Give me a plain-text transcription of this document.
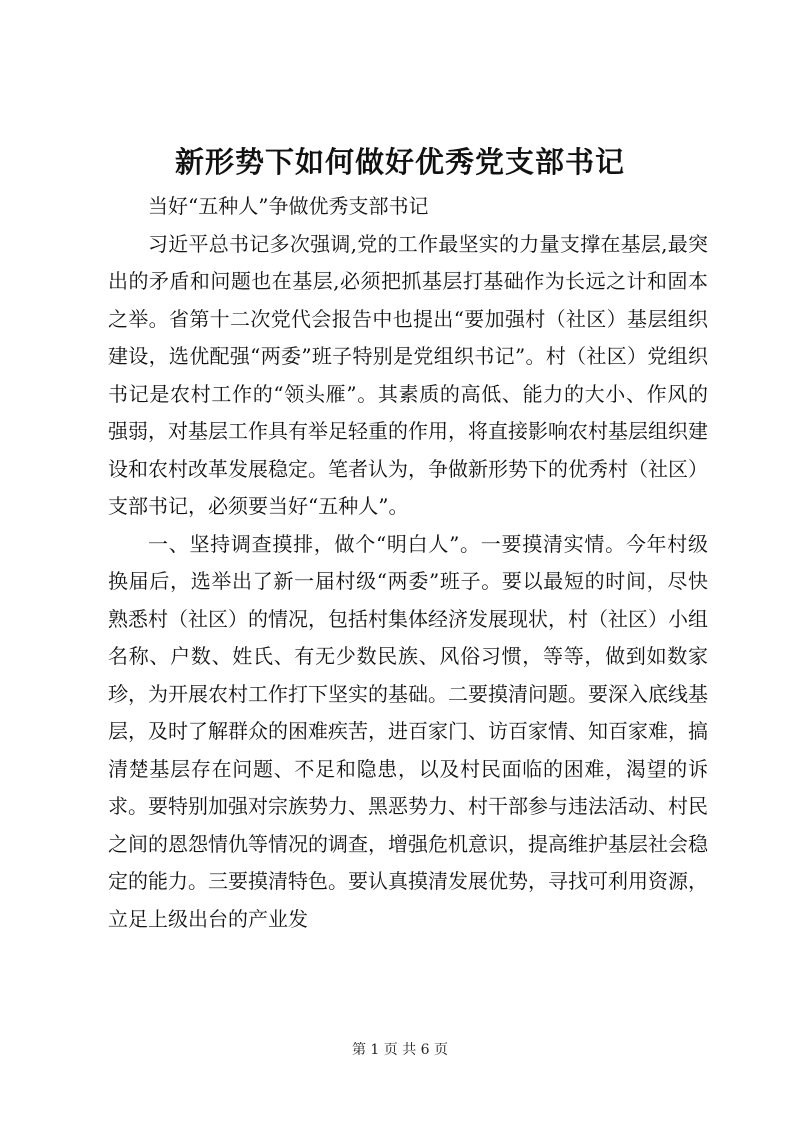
新形势下如何做好优秀党支部书记

当好“五种人”争做优秀支部书记

习近平总书记多次强调,党的工作最坚实的力量支撑在基层,最突出的矛盾和问题也在基层,必须把抓基层打基础作为长远之计和固本之举。省第十二次党代会报告中也提出“要加强村（社区）基层组织建设，选优配强“两委”班子特别是党组织书记”。村（社区）党组织书记是农村工作的“领头雁”。其素质的高低、能力的大小、作风的强弱，对基层工作具有举足轻重的作用，将直接影响农村基层组织建设和农村改革发展稳定。笔者认为，争做新形势下的优秀村（社区）支部书记，必须要当好“五种人”。

一、坚持调查摸排，做个“明白人”。一要摸清实情。今年村级换届后，选举出了新一届村级“两委”班子。要以最短的时间，尽快熟悉村（社区）的情况，包括村集体经济发展现状，村（社区）小组名称、户数、姓氏、有无少数民族、风俗习惯，等等，做到如数家珍，为开展农村工作打下坚实的基础。二要摸清问题。要深入底线基层，及时了解群众的困难疾苦，进百家门、访百家情、知百家难，搞清楚基层存在问题、不足和隐患，以及村民面临的困难，渴望的诉求。要特别加强对宗族势力、黑恶势力、村干部参与违法活动、村民之间的恩怨情仇等情况的调查，增强危机意识，提高维护基层社会稳定的能力。三要摸清特色。要认真摸清发展优势，寻找可利用资源，立足上级出台的产业发

第 1 页 共 6 页
